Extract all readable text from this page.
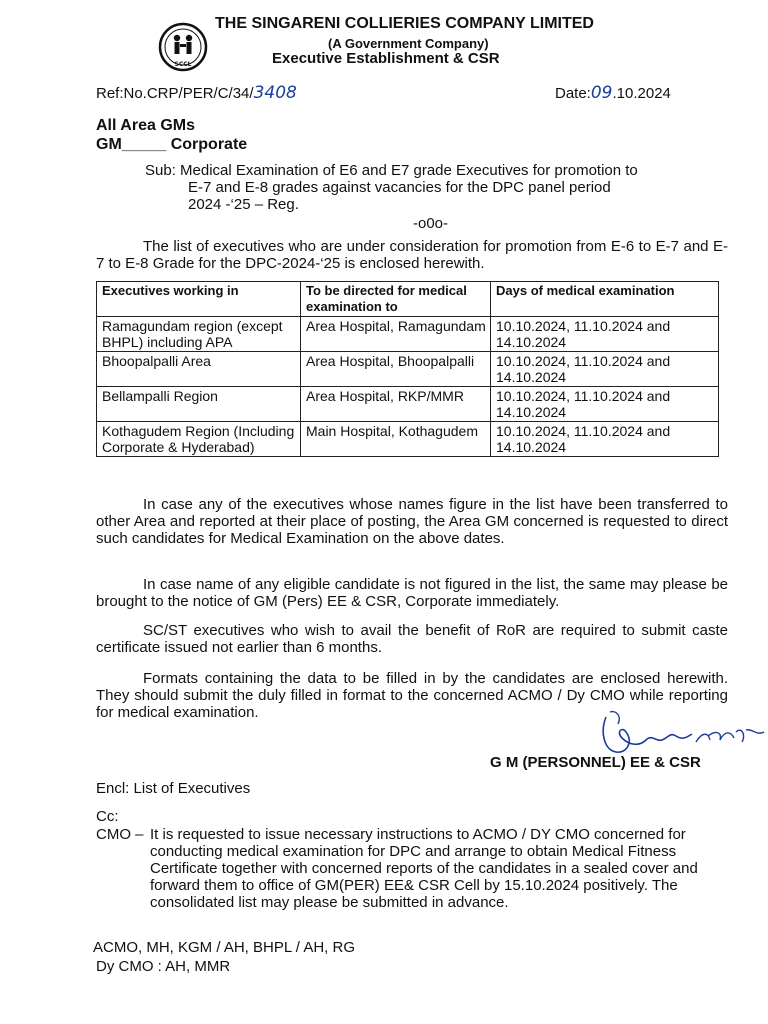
SCCL
THE SINGARENI COLLIERIES COMPANY LIMITED
(A Government Company)
Executive Establishment & CSR
Ref:No.CRP/PER/C/34/3408	Date:09.10.2024
All Area GMs
GM_____ Corporate

Sub: Medical Examination of E6 and E7 grade Executives for promotion to

E-7 and E-8 grades against vacancies for the DPC panel period

2024 -‘25 – Reg.

-o0o-
The list of executives who are under consideration for promotion from E-6 to E-7 and E-7 to E-8 Grade for the DPC-2024-‘25 is enclosed herewith.
Executives working in	To be directed for medical examination to	Days of medical examination
Ramagundam region (except BHPL) including APA	Area Hospital, Ramagundam	10.10.2024, 11.10.2024 and 14.10.2024
Bhoopalpalli Area	Area Hospital, Bhoopalpalli	10.10.2024, 11.10.2024 and 14.10.2024
Bellampalli Region	Area Hospital, RKP/MMR	10.10.2024, 11.10.2024 and 14.10.2024
Kothagudem Region (Including Corporate & Hyderabad)	Main Hospital, Kothagudem	10.10.2024, 11.10.2024 and 14.10.2024
In case any of the executives whose names figure in the list have been transferred to other Area and reported at their place of posting, the Area GM concerned is requested to direct such candidates for Medical Examination on the above dates.
In case name of any eligible candidate is not figured in the list, the same may please be brought to the notice of GM (Pers) EE & CSR, Corporate immediately.
SC/ST executives who wish to avail the benefit of RoR are required to submit caste certificate issued not earlier than 6 months.
Formats containing the data to be filled in by the candidates are enclosed herewith. They should submit the duly filled in format to the concerned ACMO / Dy CMO while reporting for medical examination.
G M (PERSONNEL) EE & CSR
Encl: List of Executives
Cc:
CMO – It is requested to issue necessary instructions to ACMO / DY CMO concerned for conducting medical examination for DPC and arrange to obtain Medical Fitness Certificate together with concerned reports of the candidates in a sealed cover and forward them to office of GM(PER) EE& CSR Cell by 15.10.2024 positively. The consolidated list may please be submitted in advance.
ACMO, MH, KGM / AH, BHPL / AH, RG
Dy CMO : AH, MMR
